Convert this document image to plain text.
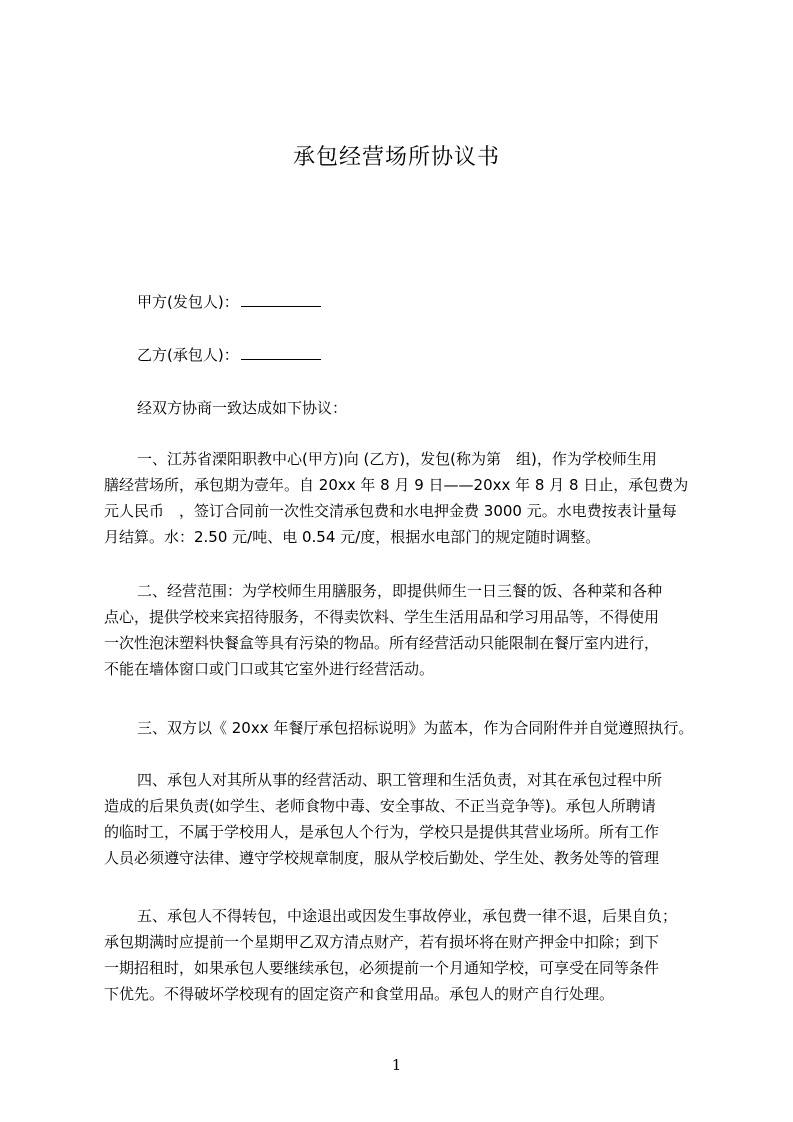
承包经营场所协议书
甲方(发包人)：
乙方(承包人)：
经双方协商一致达成如下协议：
一、江苏省溧阳职教中心(甲方)向 (乙方)，发包(称为第　组)，作为学校师生用
膳经营场所，承包期为壹年。自 20xx 年 8 月 9 日——20xx 年 8 月 8 日止，承包费为
元人民币　，签订合同前一次性交清承包费和水电押金费 3000 元。水电费按表计量每
月结算。水：2.50 元/吨、电 0.54 元/度，根据水电部门的规定随时调整。
二、经营范围：为学校师生用膳服务，即提供师生一日三餐的饭、各种菜和各种
点心，提供学校来宾招待服务，不得卖饮料、学生生活用品和学习用品等，不得使用
一次性泡沫塑料快餐盒等具有污染的物品。所有经营活动只能限制在餐厅室内进行，
不能在墙体窗口或门口或其它室外进行经营活动。
三、双方以《 20xx 年餐厅承包招标说明》为蓝本，作为合同附件并自觉遵照执行。
四、承包人对其所从事的经营活动、职工管理和生活负责，对其在承包过程中所
造成的后果负责(如学生、老师食物中毒、安全事故、不正当竞争等)。承包人所聘请
的临时工，不属于学校用人，是承包人个行为，学校只是提供其营业场所。所有工作
人员必须遵守法律、遵守学校规章制度，服从学校后勤处、学生处、教务处等的管理
五、承包人不得转包，中途退出或因发生事故停业，承包费一律不退，后果自负；
承包期满时应提前一个星期甲乙双方清点财产，若有损坏将在财产押金中扣除；到下
一期招租时，如果承包人要继续承包，必须提前一个月通知学校，可享受在同等条件
下优先。不得破坏学校现有的固定资产和食堂用品。承包人的财产自行处理。
1
